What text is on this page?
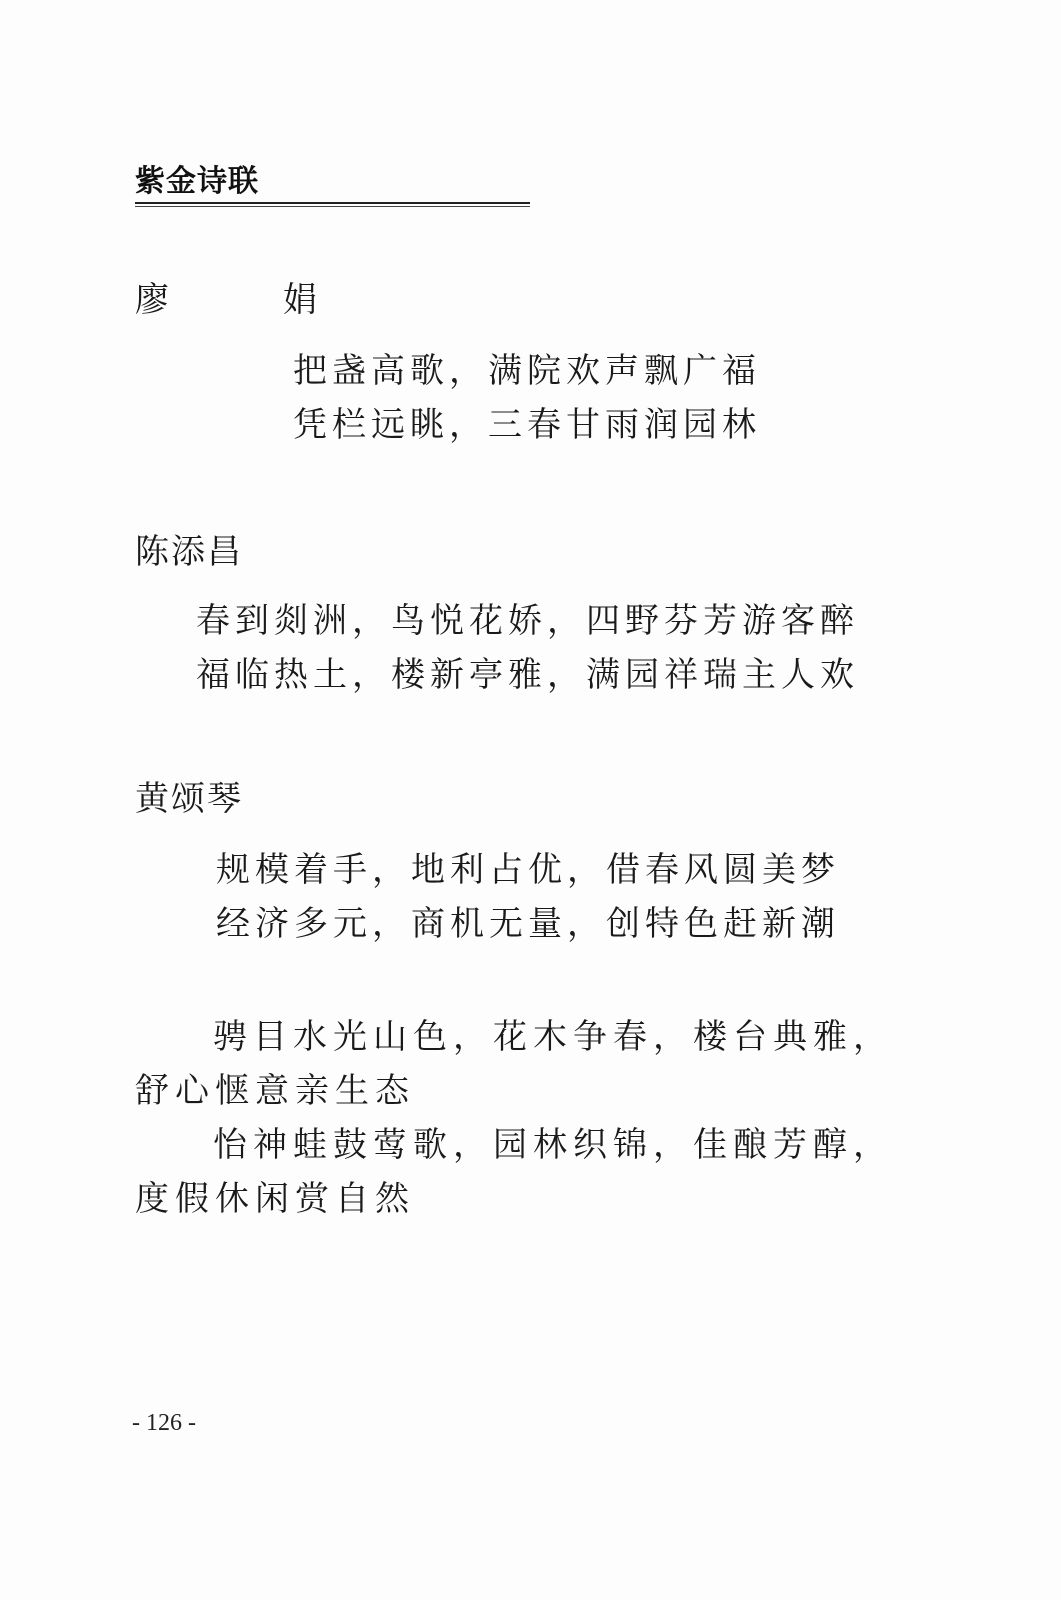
紫金诗联
廖　娟
把盏高歌，满院欢声飘广福
凭栏远眺，三春甘雨润园林
陈添昌
春到剡洲，鸟悦花娇，四野芬芳游客醉
福临热土，楼新亭雅，满园祥瑞主人欢
黄颂琴
规模着手，地利占优，借春风圆美梦
经济多元，商机无量，创特色赶新潮

骋目水光山色，花木争春，楼台典雅，舒心惬意亲生态

怡神蛙鼓莺歌，园林织锦，佳酿芳醇，度假休闲赏自然

- 126 -
